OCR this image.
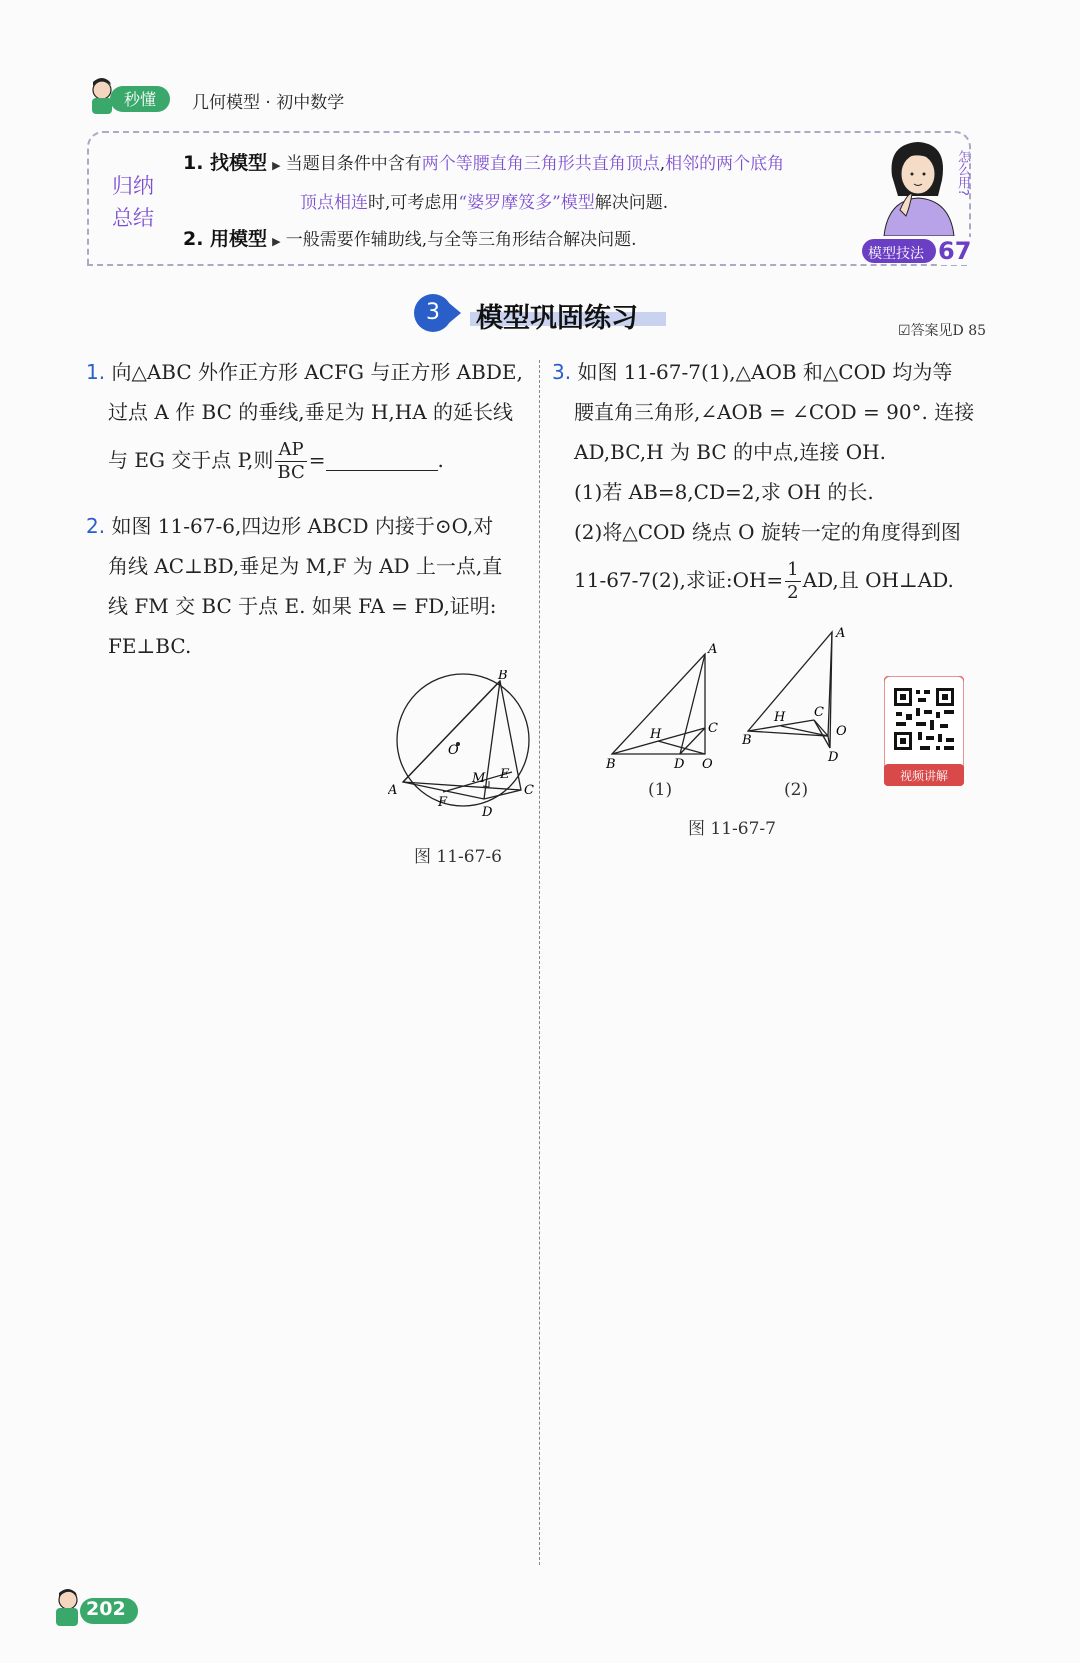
秒懂 几何模型 · 初中数学
归纳
总结
1. 找模型 ▶ 当题目条件中含有两个等腰直角三角形共直角顶点,相邻的两个底角
顶点相连时,可考虑用“婆罗摩笈多”模型解决问题.
2. 用模型 ▶ 一般需要作辅助线,与全等三角形结合解决问题.
怎么用?
模型技法 67
3	模型巩固练习	☑答案见D 85
1. 向△ABC 外作正方形 ACFG 与正方形 ABDE,
过点 A 作 BC 的垂线,垂足为 H,HA 的延长线
与 EG 交于点 P,则 $\frac{AP}{BC}$ =	.
2. 如图 11-67-6,四边形 ABCD 内接于⊙O,对
角线 AC⊥BD,垂足为 M,F 为 AD 上一点,直
线 FM 交 BC 于点 E. 如果 FA = FD,证明:
FE⊥BC.
B
O
M E
C
A
F
D
图 11-67-6
3. 如图 11-67-7(1),△AOB 和△COD 均为等
腰直角三角形,∠AOB = ∠COD = 90°. 连接
AD,BC,H 为 BC 的中点,连接 OH.
(1)若 AB=8,CD=2,求 OH 的长.
(2)将△COD 绕点 O 旋转一定的角度得到图
11-67-7(2),求证:OH= $\frac{1}{2}$ AD,且 OH⊥AD.
A
C
H
B	D O
(1)
A
C
H
B
O
D
(2)
图 11-67-7
视频讲解
202
